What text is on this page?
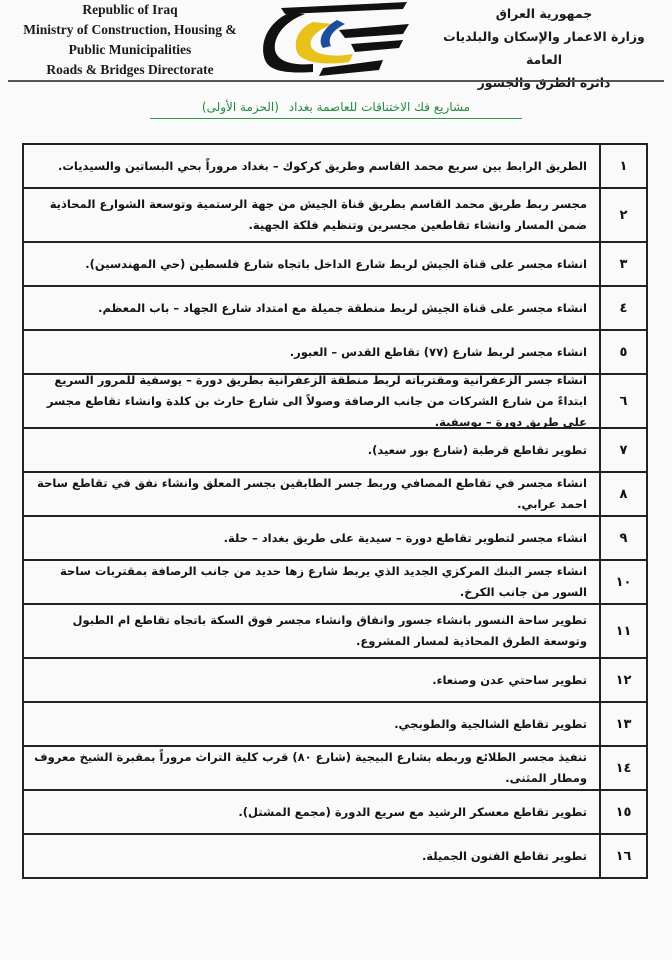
Republic of Iraq
Ministry of Construction, Housing &
Public Municipalities
Roads & Bridges Directorate
جمهورية العراق
وزارة الاعمار والإسكان والبلديات العامة
دائرة الطرق والجسور
مشاريع فك الاختناقات للعاصمة بغداد (الحزمة الأولى)
الطريق الرابط بين سريع محمد القاسم وطريق كركوك – بغداد مروراً بحي البساتين والسيديات.	١
مجسر ربط طريق محمد القاسم بطريق قناة الجيش من جهة الرستمية وتوسعة الشوارع المحاذية ضمن المسار وانشاء تقاطعين مجسرين وتنظيم فلكة الجهية.
٢
انشاء مجسر على قناة الجيش لربط شارع الداخل باتجاه شارع فلسطين (حي المهندسين).	٣
انشاء مجسر على قناة الجيش لربط منطقة جميلة مع امتداد شارع الجهاد – باب المعظم.	٤
انشاء مجسر لربط شارع (٧٧) تقاطع القدس – العبور.	٥
انشاء جسر الزعفرانية ومقترباته لربط منطقة الزعفرانية بطريق دورة – يوسفية للمرور السريع ابتداءً من شارع الشركات من جانب الرصافة وصولاً الى شارع حارث بن كلدة وانشاء تقاطع مجسر على طريق دورة – يوسفية.
٦
تطوير تقاطع قرطبة (شارع بور سعيد).	٧
انشاء مجسر في تقاطع المصافي وربط جسر الطابقين بجسر المعلق وانشاء نفق في تقاطع ساحة احمد عرابي.
٨
انشاء مجسر لتطوير تقاطع دورة – سيدية على طريق بغداد – حلة.	٩
انشاء جسر البنك المركزي الجديد الذي يربط شارع زها حديد من جانب الرصافة بمقتربات ساحة السور من جانب الكرخ.
١٠
تطوير ساحة النسور بانشاء جسور وانفاق وانشاء مجسر فوق السكة باتجاه تقاطع ام الطبول وتوسعة الطرق المحاذية لمسار المشروع.
١١
تطوير ساحتي عدن وصنعاء.	١٢
تطوير تقاطع الشالجية والطوبجي.	١٣
تنفيذ مجسر الطلائع وربطه بشارع البيجية (شارع ٨٠) قرب كلية التراث مروراً بمقبرة الشيخ معروف ومطار المثنى.
١٤
تطوير تقاطع معسكر الرشيد مع سريع الدورة (مجمع المشتل).	١٥
تطوير تقاطع الفنون الجميلة.	١٦
